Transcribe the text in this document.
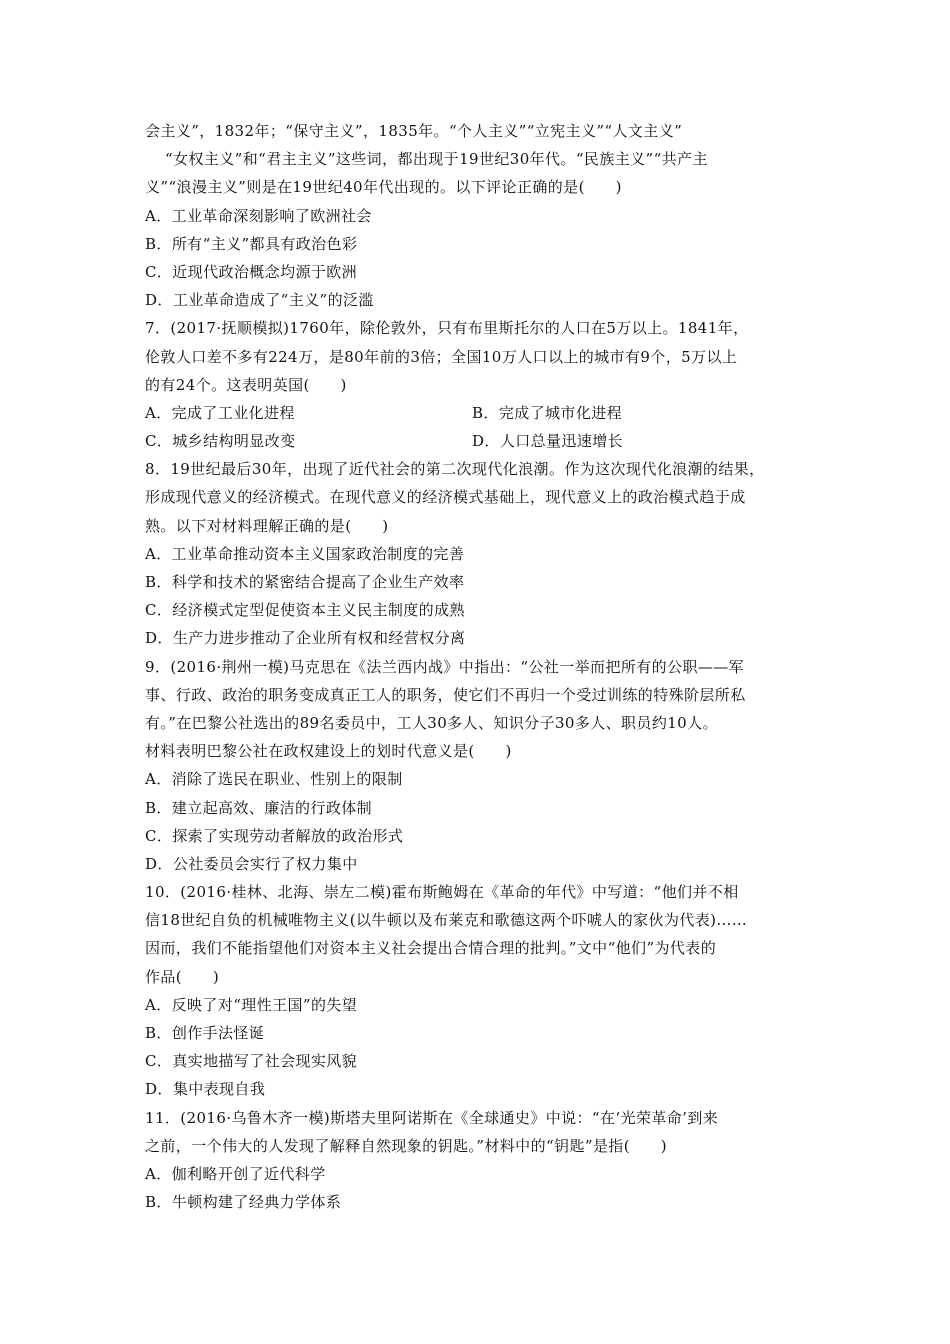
会主义”，1832年；“保守主义”，1835年。“个人主义”“立宪主义”“人文主义”
“女权主义”和“君主主义”这些词，都出现于19世纪30年代。“民族主义”“共产主
义”“浪漫主义”则是在19世纪40年代出现的。以下评论正确的是(　　)
A．工业革命深刻影响了欧洲社会
B．所有“主义”都具有政治色彩
C．近现代政治概念均源于欧洲
D．工业革命造成了“主义”的泛滥
7．(2017·抚顺模拟)1760年，除伦敦外，只有布里斯托尔的人口在5万以上。1841年，
伦敦人口差不多有224万，是80年前的3倍；全国10万人口以上的城市有9个，5万以上
的有24个。这表明英国(　　)
A．完成了工业化进程	B．完成了城市化进程
C．城乡结构明显改变	D．人口总量迅速增长
8．19世纪最后30年，出现了近代社会的第二次现代化浪潮。作为这次现代化浪潮的结果，
形成现代意义的经济模式。在现代意义的经济模式基础上，现代意义上的政治模式趋于成
熟。以下对材料理解正确的是(　　)
A．工业革命推动资本主义国家政治制度的完善
B．科学和技术的紧密结合提高了企业生产效率
C．经济模式定型促使资本主义民主制度的成熟
D．生产力进步推动了企业所有权和经营权分离
9．(2016·荆州一模)马克思在《法兰西内战》中指出：“公社一举而把所有的公职——军
事、行政、政治的职务变成真正工人的职务，使它们不再归一个受过训练的特殊阶层所私
有。”在巴黎公社选出的89名委员中，工人30多人、知识分子30多人、职员约10人。
材料表明巴黎公社在政权建设上的划时代意义是(　　)
A．消除了选民在职业、性别上的限制
B．建立起高效、廉洁的行政体制
C．探索了实现劳动者解放的政治形式
D．公社委员会实行了权力集中
10．(2016·桂林、北海、崇左二模)霍布斯鲍姆在《革命的年代》中写道：“他们并不相
信18世纪自负的机械唯物主义(以牛顿以及布莱克和歌德这两个吓唬人的家伙为代表)……
因而，我们不能指望他们对资本主义社会提出合情合理的批判。”文中“他们”为代表的
作品(　　)
A．反映了对“理性王国”的失望
B．创作手法怪诞
C．真实地描写了社会现实风貌
D．集中表现自我
11．(2016·乌鲁木齐一模)斯塔夫里阿诺斯在《全球通史》中说：“在‘光荣革命’到来
之前，一个伟大的人发现了解释自然现象的钥匙。”材料中的“钥匙”是指(　　)
A．伽利略开创了近代科学
B．牛顿构建了经典力学体系
